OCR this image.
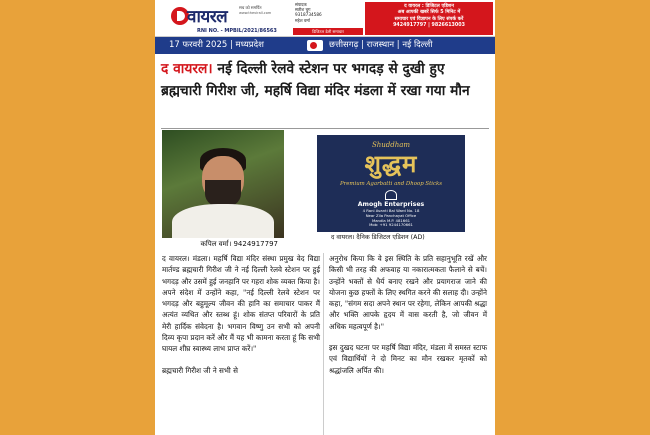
वायरल	सच को समर्पित
www.thevirall.com
RNI NO. - MPBIL/2021/86563
संपादक
सतीश चुग
9318734586
महेश वर्मा
डिजिटल डेली समाचार
द वायरल : डिजिटल एडिशन
अब आपकी खबरें सिर्फ 5 मिनिट में
समाचार एवं विज्ञापन के लिए संपर्क करें
9424917797 | 9826613003
17 फरवरी 2025 | मध्यप्रदेश	छत्तीसगढ़ | राजस्थान | नई दिल्ली
द वायरल। नई दिल्ली रेलवे स्टेशन पर भगदड़ से दुखी हुए ब्रह्मचारी गिरीश जी, महर्षि विद्या मंदिर मंडला में रखा गया मौन
कपिल वर्मा। 9424917797
Shuddham
शुद्धम
Premium Agarbatti and Dhoop Sticks
Amogh Enterprises
4 Rani Avanti Bai Ward No. 18
Near Zila Panchayat Office
Mandla M.P. 481661
Mob: +91 9244170661
द वायरल। दैनिक डिजिटल एडिशन (AD)

द वायरल। मंडला। महर्षि विद्या मंदिर संस्था प्रमुख वेद विद्या मार्तण्ड ब्रह्मचारी गिरीश जी ने नई दिल्ली रेलवे स्टेशन पर हुई भगदड़ और उसमें हुई जनहानि पर गहरा शोक व्यक्त किया है। अपने संदेश में उन्होंने कहा, "नई दिल्ली रेलवे स्टेशन पर भगदड़ और बहुमूल्य जीवन की हानि का समाचार पाकर मैं अत्यंत व्यथित और स्तब्ध हूं। शोक संतप्त परिवारों के प्रति मेरी हार्दिक संवेदना है। भगवान विष्णु उन सभी को अपनी दिव्य कृपा प्रदान करें और मैं यह भी कामना करता हूं कि सभी घायल शीघ्र स्वास्थ्य लाभ प्राप्त करें।"

ब्रह्मचारी गिरीश जी ने सभी से

अनुरोध किया कि वे इस स्थिति के प्रति सहानुभूति रखें और किसी भी तरह की अफवाह या नकारात्मकता फैलाने से बचें। उन्होंने भक्तों से धैर्य बनाए रखने और प्रयागराज जाने की योजना कुछ हफ्तों के लिए स्थगित करने की सलाह दी। उन्होंने कहा, "संगम सदा अपने स्थान पर रहेगा, लेकिन आपकी श्रद्धा और भक्ति आपके हृदय में वास करती है, जो जीवन में अधिक महत्वपूर्ण है।"

इस दुखद घटना पर महर्षि विद्या मंदिर, मंडला में समस्त स्टाफ एवं विद्यार्थियों ने दो मिनट का मौन रखकर मृतकों को श्रद्धांजलि अर्पित की।
